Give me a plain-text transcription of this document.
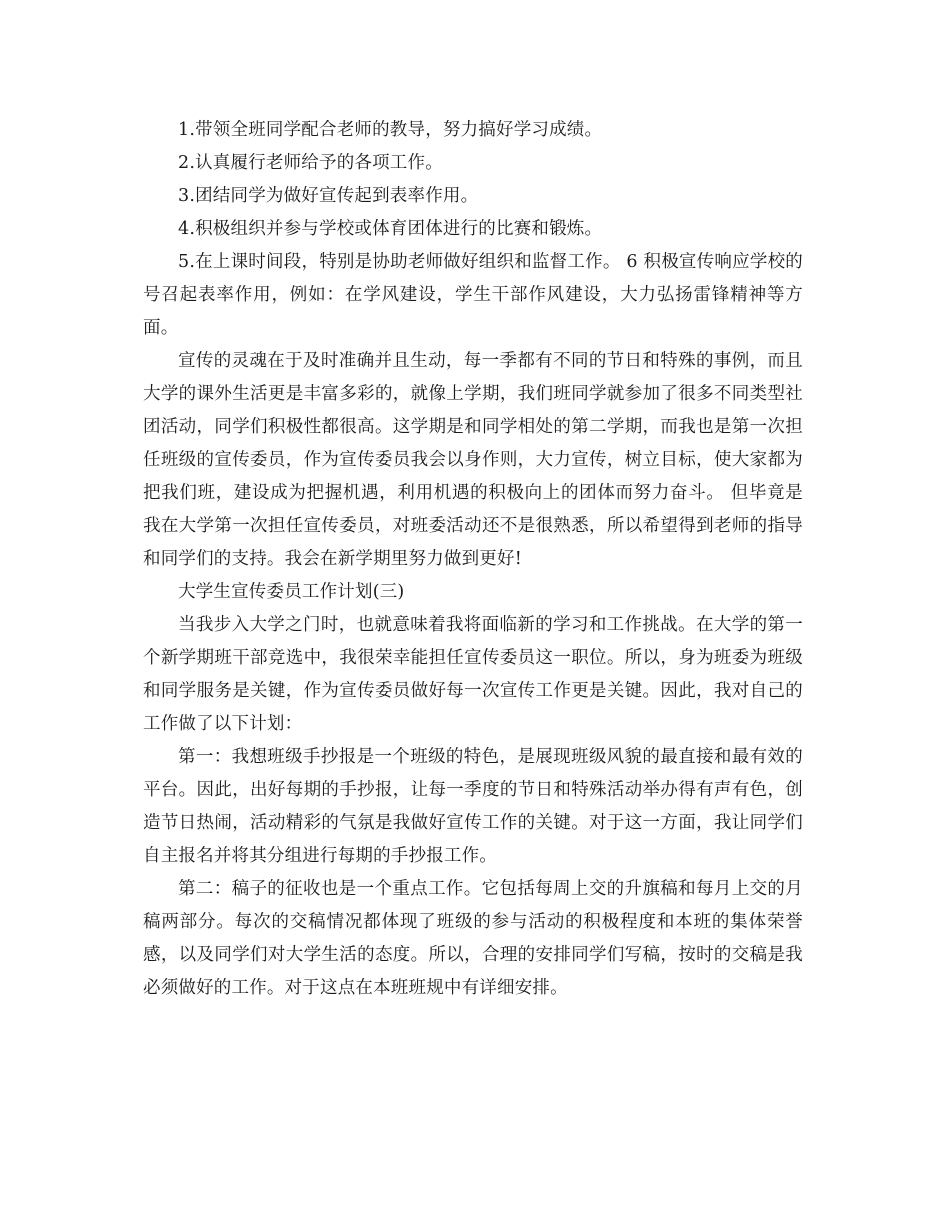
1.带领全班同学配合老师的教导，努力搞好学习成绩。

2.认真履行老师给予的各项工作。

3.团结同学为做好宣传起到表率作用。

4.积极组织并参与学校或体育团体进行的比赛和锻炼。

5.在上课时间段，特别是协助老师做好组织和监督工作。 6 积极宣传响应学校的号召起表率作用，例如：在学风建设，学生干部作风建设，大力弘扬雷锋精神等方面。

宣传的灵魂在于及时准确并且生动，每一季都有不同的节日和特殊的事例，而且大学的课外生活更是丰富多彩的，就像上学期，我们班同学就参加了很多不同类型社团活动，同学们积极性都很高。这学期是和同学相处的第二学期，而我也是第一次担任班级的宣传委员，作为宣传委员我会以身作则，大力宣传，树立目标，使大家都为把我们班，建设成为把握机遇，利用机遇的积极向上的团体而努力奋斗。 但毕竟是我在大学第一次担任宣传委员，对班委活动还不是很熟悉，所以希望得到老师的指导和同学们的支持。我会在新学期里努力做到更好!

大学生宣传委员工作计划(三)

当我步入大学之门时，也就意味着我将面临新的学习和工作挑战。在大学的第一个新学期班干部竞选中，我很荣幸能担任宣传委员这一职位。所以，身为班委为班级和同学服务是关键，作为宣传委员做好每一次宣传工作更是关键。因此，我对自己的工作做了以下计划：

第一：我想班级手抄报是一个班级的特色，是展现班级风貌的最直接和最有效的平台。因此，出好每期的手抄报，让每一季度的节日和特殊活动举办得有声有色，创造节日热闹，活动精彩的气氛是我做好宣传工作的关键。对于这一方面，我让同学们自主报名并将其分组进行每期的手抄报工作。

第二：稿子的征收也是一个重点工作。它包括每周上交的升旗稿和每月上交的月稿两部分。每次的交稿情况都体现了班级的参与活动的积极程度和本班的集体荣誉感，以及同学们对大学生活的态度。所以，合理的安排同学们写稿，按时的交稿是我必须做好的工作。对于这点在本班班规中有详细安排。
